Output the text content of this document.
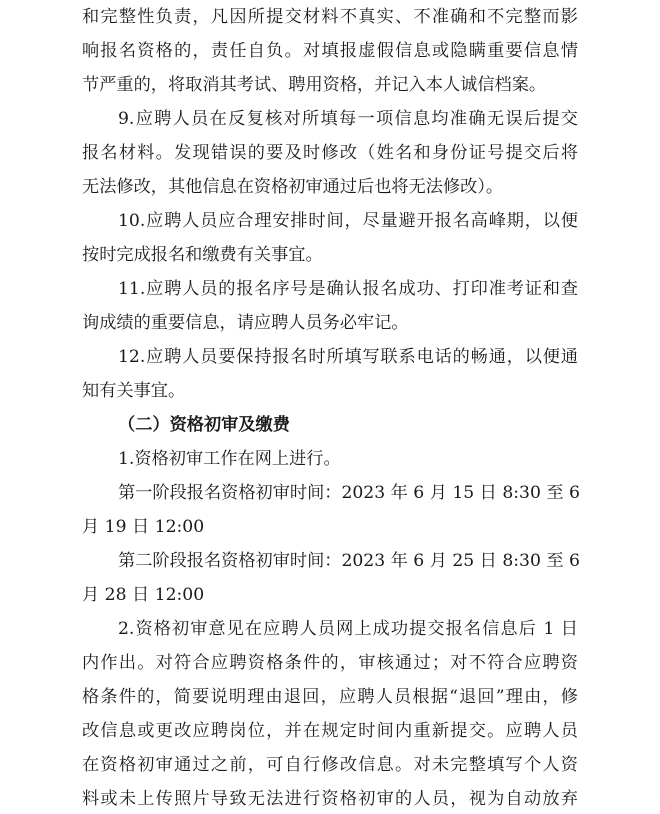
和完整性负责，凡因所提交材料不真实、不准确和不完整而影
响报名资格的，责任自负。对填报虚假信息或隐瞒重要信息情
节严重的，将取消其考试、聘用资格，并记入本人诚信档案。
9.应聘人员在反复核对所填每一项信息均准确无误后提交
报名材料。发现错误的要及时修改（姓名和身份证号提交后将
无法修改，其他信息在资格初审通过后也将无法修改）。
10.应聘人员应合理安排时间，尽量避开报名高峰期，以便
按时完成报名和缴费有关事宜。
11.应聘人员的报名序号是确认报名成功、打印准考证和查
询成绩的重要信息，请应聘人员务必牢记。
12.应聘人员要保持报名时所填写联系电话的畅通，以便通
知有关事宜。
（二）资格初审及缴费
1.资格初审工作在网上进行。
第一阶段报名资格初审时间：2023 年 6 月 15 日 8:30 至 6
月 19 日 12:00
第二阶段报名资格初审时间：2023 年 6 月 25 日 8:30 至 6
月 28 日 12:00
2.资格初审意见在应聘人员网上成功提交报名信息后 1 日
内作出。对符合应聘资格条件的，审核通过；对不符合应聘资
格条件的，简要说明理由退回，应聘人员根据“退回”理由，修
改信息或更改应聘岗位，并在规定时间内重新提交。应聘人员
在资格初审通过之前，可自行修改信息。对未完整填写个人资
料或未上传照片导致无法进行资格初审的人员，视为自动放弃
